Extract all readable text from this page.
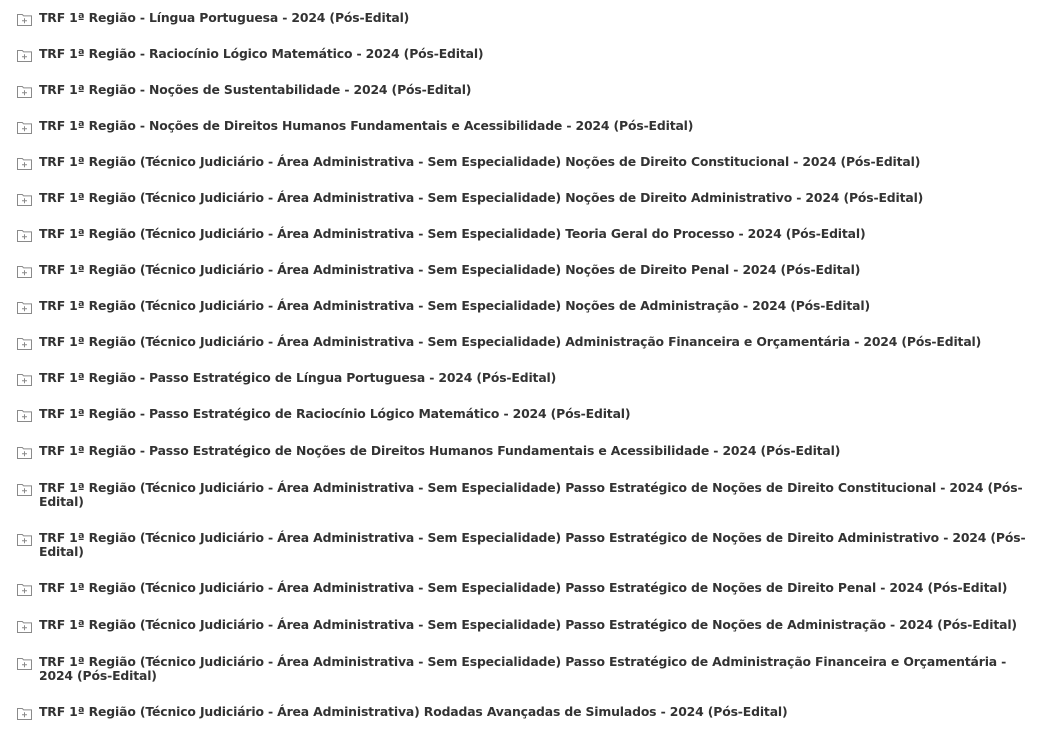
TRF 1ª Região - Língua Portuguesa - 2024 (Pós-Edital)
TRF 1ª Região - Raciocínio Lógico Matemático - 2024 (Pós-Edital)
TRF 1ª Região - Noções de Sustentabilidade - 2024 (Pós-Edital)
TRF 1ª Região - Noções de Direitos Humanos Fundamentais e Acessibilidade - 2024 (Pós-Edital)
TRF 1ª Região (Técnico Judiciário - Área Administrativa - Sem Especialidade) Noções de Direito Constitucional - 2024 (Pós-Edital)
TRF 1ª Região (Técnico Judiciário - Área Administrativa - Sem Especialidade) Noções de Direito Administrativo - 2024 (Pós-Edital)
TRF 1ª Região (Técnico Judiciário - Área Administrativa - Sem Especialidade) Teoria Geral do Processo - 2024 (Pós-Edital)
TRF 1ª Região (Técnico Judiciário - Área Administrativa - Sem Especialidade) Noções de Direito Penal - 2024 (Pós-Edital)
TRF 1ª Região (Técnico Judiciário - Área Administrativa - Sem Especialidade) Noções de Administração - 2024 (Pós-Edital)
TRF 1ª Região (Técnico Judiciário - Área Administrativa - Sem Especialidade) Administração Financeira e Orçamentária - 2024 (Pós-Edital)
TRF 1ª Região - Passo Estratégico de Língua Portuguesa - 2024 (Pós-Edital)
TRF 1ª Região - Passo Estratégico de Raciocínio Lógico Matemático - 2024 (Pós-Edital)
TRF 1ª Região - Passo Estratégico de Noções de Direitos Humanos Fundamentais e Acessibilidade - 2024 (Pós-Edital)
TRF 1ª Região (Técnico Judiciário - Área Administrativa - Sem Especialidade) Passo Estratégico de Noções de Direito Constitucional - 2024 (Pós-
Edital)
TRF 1ª Região (Técnico Judiciário - Área Administrativa - Sem Especialidade) Passo Estratégico de Noções de Direito Administrativo - 2024 (Pós-
Edital)
TRF 1ª Região (Técnico Judiciário - Área Administrativa - Sem Especialidade) Passo Estratégico de Noções de Direito Penal - 2024 (Pós-Edital)
TRF 1ª Região (Técnico Judiciário - Área Administrativa - Sem Especialidade) Passo Estratégico de Noções de Administração - 2024 (Pós-Edital)
TRF 1ª Região (Técnico Judiciário - Área Administrativa - Sem Especialidade) Passo Estratégico de Administração Financeira e Orçamentária -
2024 (Pós-Edital)
TRF 1ª Região (Técnico Judiciário - Área Administrativa) Rodadas Avançadas de Simulados - 2024 (Pós-Edital)
